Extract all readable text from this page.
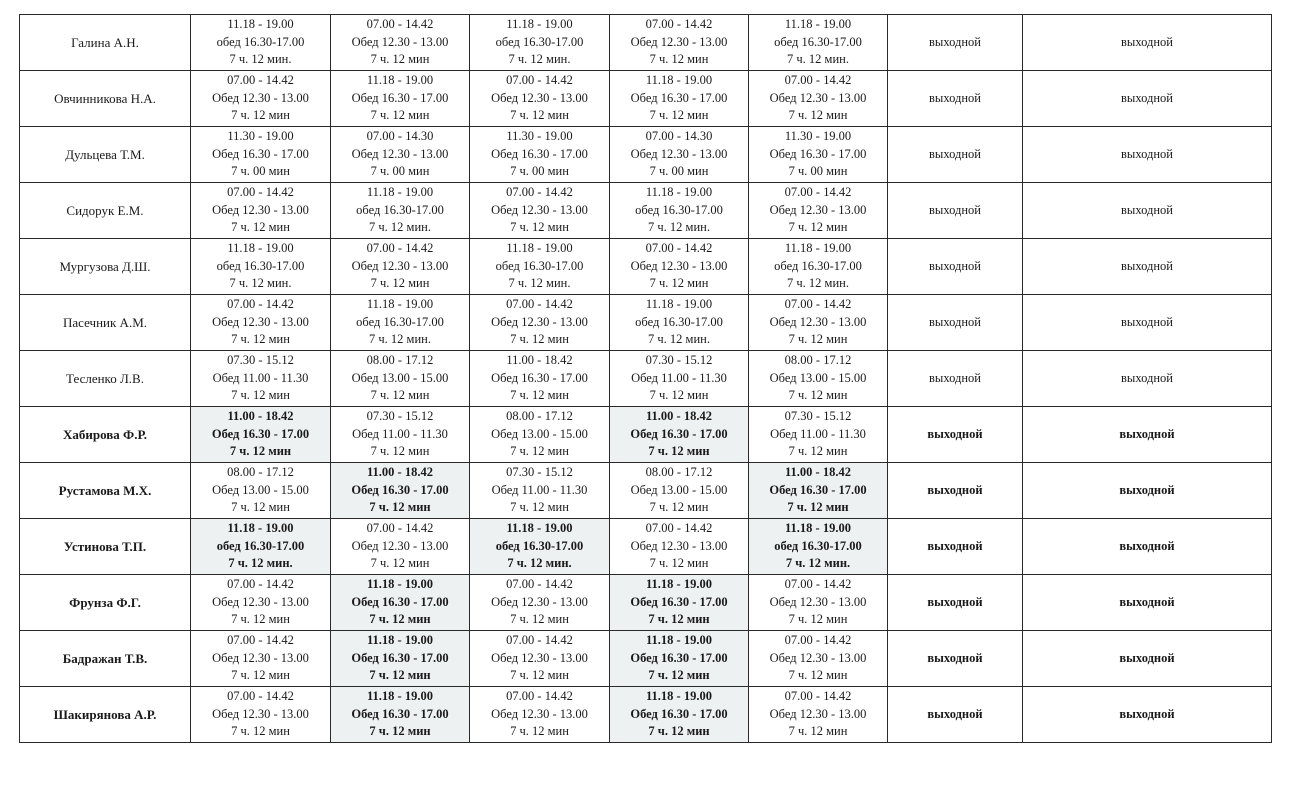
Галина А.Н.	11.18 - 19.00
обед 16.30-17.00
7 ч. 12 мин.	07.00 - 14.42
Обед 12.30 - 13.00
7 ч. 12 мин	11.18 - 19.00
обед 16.30-17.00
7 ч. 12 мин.	07.00 - 14.42
Обед 12.30 - 13.00
7 ч. 12 мин	11.18 - 19.00
обед 16.30-17.00
7 ч. 12 мин.	выходной	выходной
Овчинникова Н.А.	07.00 - 14.42
Обед 12.30 - 13.00
7 ч. 12 мин	11.18 - 19.00
Обед 16.30 - 17.00
7 ч. 12 мин	07.00 - 14.42
Обед 12.30 - 13.00
7 ч. 12 мин	11.18 - 19.00
Обед 16.30 - 17.00
7 ч. 12 мин	07.00 - 14.42
Обед 12.30 - 13.00
7 ч. 12 мин	выходной	выходной
Дульцева Т.М.	11.30 - 19.00
Обед 16.30 - 17.00
7 ч. 00 мин	07.00 - 14.30
Обед 12.30 - 13.00
7 ч. 00 мин	11.30 - 19.00
Обед 16.30 - 17.00
7 ч. 00 мин	07.00 - 14.30
Обед 12.30 - 13.00
7 ч. 00 мин	11.30 - 19.00
Обед 16.30 - 17.00
7 ч. 00 мин	выходной	выходной
Сидорук Е.М.	07.00 - 14.42
Обед 12.30 - 13.00
7 ч. 12 мин	11.18 - 19.00
обед 16.30-17.00
7 ч. 12 мин.	07.00 - 14.42
Обед 12.30 - 13.00
7 ч. 12 мин	11.18 - 19.00
обед 16.30-17.00
7 ч. 12 мин.	07.00 - 14.42
Обед 12.30 - 13.00
7 ч. 12 мин	выходной	выходной
Мургузова Д.Ш.	11.18 - 19.00
обед 16.30-17.00
7 ч. 12 мин.	07.00 - 14.42
Обед 12.30 - 13.00
7 ч. 12 мин	11.18 - 19.00
обед 16.30-17.00
7 ч. 12 мин.	07.00 - 14.42
Обед 12.30 - 13.00
7 ч. 12 мин	11.18 - 19.00
обед 16.30-17.00
7 ч. 12 мин.	выходной	выходной
Пасечник А.М.	07.00 - 14.42
Обед 12.30 - 13.00
7 ч. 12 мин	11.18 - 19.00
обед 16.30-17.00
7 ч. 12 мин.	07.00 - 14.42
Обед 12.30 - 13.00
7 ч. 12 мин	11.18 - 19.00
обед 16.30-17.00
7 ч. 12 мин.	07.00 - 14.42
Обед 12.30 - 13.00
7 ч. 12 мин	выходной	выходной
Тесленко Л.В.	07.30 - 15.12
Обед 11.00 - 11.30
7 ч. 12 мин	08.00 - 17.12
Обед 13.00 - 15.00
7 ч. 12 мин	11.00 - 18.42
Обед 16.30 - 17.00
7 ч. 12 мин	07.30 - 15.12
Обед 11.00 - 11.30
7 ч. 12 мин	08.00 - 17.12
Обед 13.00 - 15.00
7 ч. 12 мин	выходной	выходной
Хабирова Ф.Р.	11.00 - 18.42
Обед 16.30 - 17.00
7 ч. 12 мин	07.30 - 15.12
Обед 11.00 - 11.30
7 ч. 12 мин	08.00 - 17.12
Обед 13.00 - 15.00
7 ч. 12 мин	11.00 - 18.42
Обед 16.30 - 17.00
7 ч. 12 мин	07.30 - 15.12
Обед 11.00 - 11.30
7 ч. 12 мин	выходной	выходной
Рустамова М.Х.	08.00 - 17.12
Обед 13.00 - 15.00
7 ч. 12 мин	11.00 - 18.42
Обед 16.30 - 17.00
7 ч. 12 мин	07.30 - 15.12
Обед 11.00 - 11.30
7 ч. 12 мин	08.00 - 17.12
Обед 13.00 - 15.00
7 ч. 12 мин	11.00 - 18.42
Обед 16.30 - 17.00
7 ч. 12 мин	выходной	выходной
Устинова Т.П.	11.18 - 19.00
обед 16.30-17.00
7 ч. 12 мин.	07.00 - 14.42
Обед 12.30 - 13.00
7 ч. 12 мин	11.18 - 19.00
обед 16.30-17.00
7 ч. 12 мин.	07.00 - 14.42
Обед 12.30 - 13.00
7 ч. 12 мин	11.18 - 19.00
обед 16.30-17.00
7 ч. 12 мин.	выходной	выходной
Фрунза Ф.Г.	07.00 - 14.42
Обед 12.30 - 13.00
7 ч. 12 мин	11.18 - 19.00
Обед 16.30 - 17.00
7 ч. 12 мин	07.00 - 14.42
Обед 12.30 - 13.00
7 ч. 12 мин	11.18 - 19.00
Обед 16.30 - 17.00
7 ч. 12 мин	07.00 - 14.42
Обед 12.30 - 13.00
7 ч. 12 мин	выходной	выходной
Бадражан Т.В.	07.00 - 14.42
Обед 12.30 - 13.00
7 ч. 12 мин	11.18 - 19.00
Обед 16.30 - 17.00
7 ч. 12 мин	07.00 - 14.42
Обед 12.30 - 13.00
7 ч. 12 мин	11.18 - 19.00
Обед 16.30 - 17.00
7 ч. 12 мин	07.00 - 14.42
Обед 12.30 - 13.00
7 ч. 12 мин	выходной	выходной
Шакирянова А.Р.	07.00 - 14.42
Обед 12.30 - 13.00
7 ч. 12 мин	11.18 - 19.00
Обед 16.30 - 17.00
7 ч. 12 мин	07.00 - 14.42
Обед 12.30 - 13.00
7 ч. 12 мин	11.18 - 19.00
Обед 16.30 - 17.00
7 ч. 12 мин	07.00 - 14.42
Обед 12.30 - 13.00
7 ч. 12 мин	выходной	выходной
